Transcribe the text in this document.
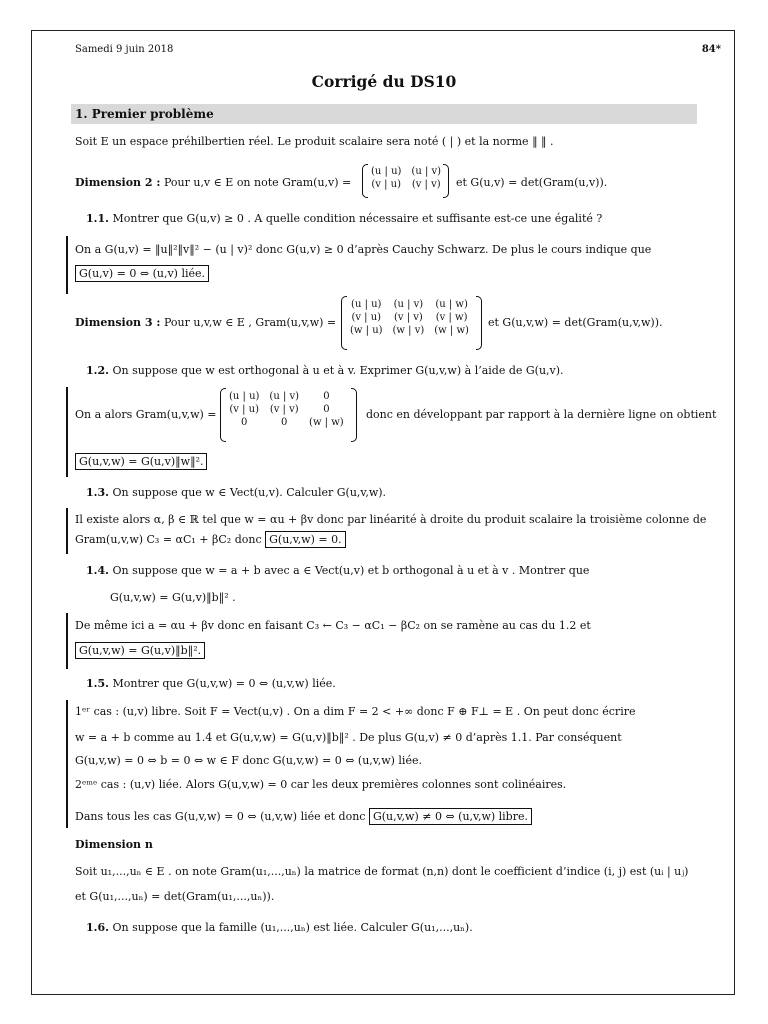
Samedi 9 juin 2018	84*
Corrigé du DS10
1. Premier problème
Soit E un espace préhilbertien réel. Le produit scalaire sera noté ( | ) et la norme ‖ ‖ .
Dimension 2 : Pour u,v ∈ E on note Gram(u,v) =
(u | u)	(u | v)
(v | u)	(v | v) et G(u,v) = det(Gram(u,v)).
1.1. Montrer que G(u,v) ≥ 0 . A quelle condition nécessaire et suffisante est-ce une égalité ?
On a G(u,v) = ‖u‖²‖v‖² − (u | v)² donc G(u,v) ≥ 0 d’après Cauchy Schwarz. De plus le cours indique que
G(u,v) = 0 ⇔ (u,v) liée.
Dimension 3 : Pour u,v,w ∈ E , Gram(u,v,w) =
(u | u)	(u | v)	(u | w)
(v | u)	(v | v)	(v | w)
(w | u)	(w | v)	(w | w)
et G(u,v,w) = det(Gram(u,v,w)).
1.2. On suppose que w est orthogonal à u et à v. Exprimer G(u,v,w) à l’aide de G(u,v).
On a alors Gram(u,v,w) =
(u | u)	(u | v)	0
(v | u)	(v | v)	0
0	0	(w | w)
donc en développant par rapport à la dernière ligne on obtient
G(u,v,w) = G(u,v)‖w‖².
1.3. On suppose que w ∈ Vect(u,v). Calculer G(u,v,w).
Il existe alors α, β ∈ ℝ tel que w = αu + βv donc par linéarité à droite du produit scalaire la troisième colonne de
Gram(u,v,w) C₃ = αC₁ + βC₂ donc G(u,v,w) = 0.
1.4. On suppose que w = a + b avec a ∈ Vect(u,v) et b orthogonal à u et à v . Montrer que
G(u,v,w) = G(u,v)‖b‖² .
De même ici a = αu + βv donc en faisant C₃ ← C₃ − αC₁ − βC₂ on se ramène au cas du 1.2 et
G(u,v,w) = G(u,v)‖b‖².
1.5. Montrer que G(u,v,w) = 0 ⇔ (u,v,w) liée.
1ᵉʳ cas : (u,v) libre. Soit F = Vect(u,v) . On a dim F = 2 < +∞ donc F ⊕ F⊥ = E . On peut donc écrire
w = a + b comme au 1.4 et G(u,v,w) = G(u,v)‖b‖² . De plus G(u,v) ≠ 0 d’après 1.1. Par conséquent
G(u,v,w) = 0 ⇔ b = 0 ⇔ w ∈ F donc G(u,v,w) = 0 ⇔ (u,v,w) liée.
2ᵉᵐᵉ cas : (u,v) liée. Alors G(u,v,w) = 0 car les deux premières colonnes sont colinéaires.
Dans tous les cas G(u,v,w) = 0 ⇔ (u,v,w) liée et donc G(u,v,w) ≠ 0 ⇔ (u,v,w) libre.
Dimension n
Soit u₁,...,uₙ ∈ E . on note Gram(u₁,...,uₙ) la matrice de format (n,n) dont le coefficient d’indice (i, j) est (uᵢ | uⱼ)
et G(u₁,...,uₙ) = det(Gram(u₁,...,uₙ)).
1.6. On suppose que la famille (u₁,...,uₙ) est liée. Calculer G(u₁,...,uₙ).
